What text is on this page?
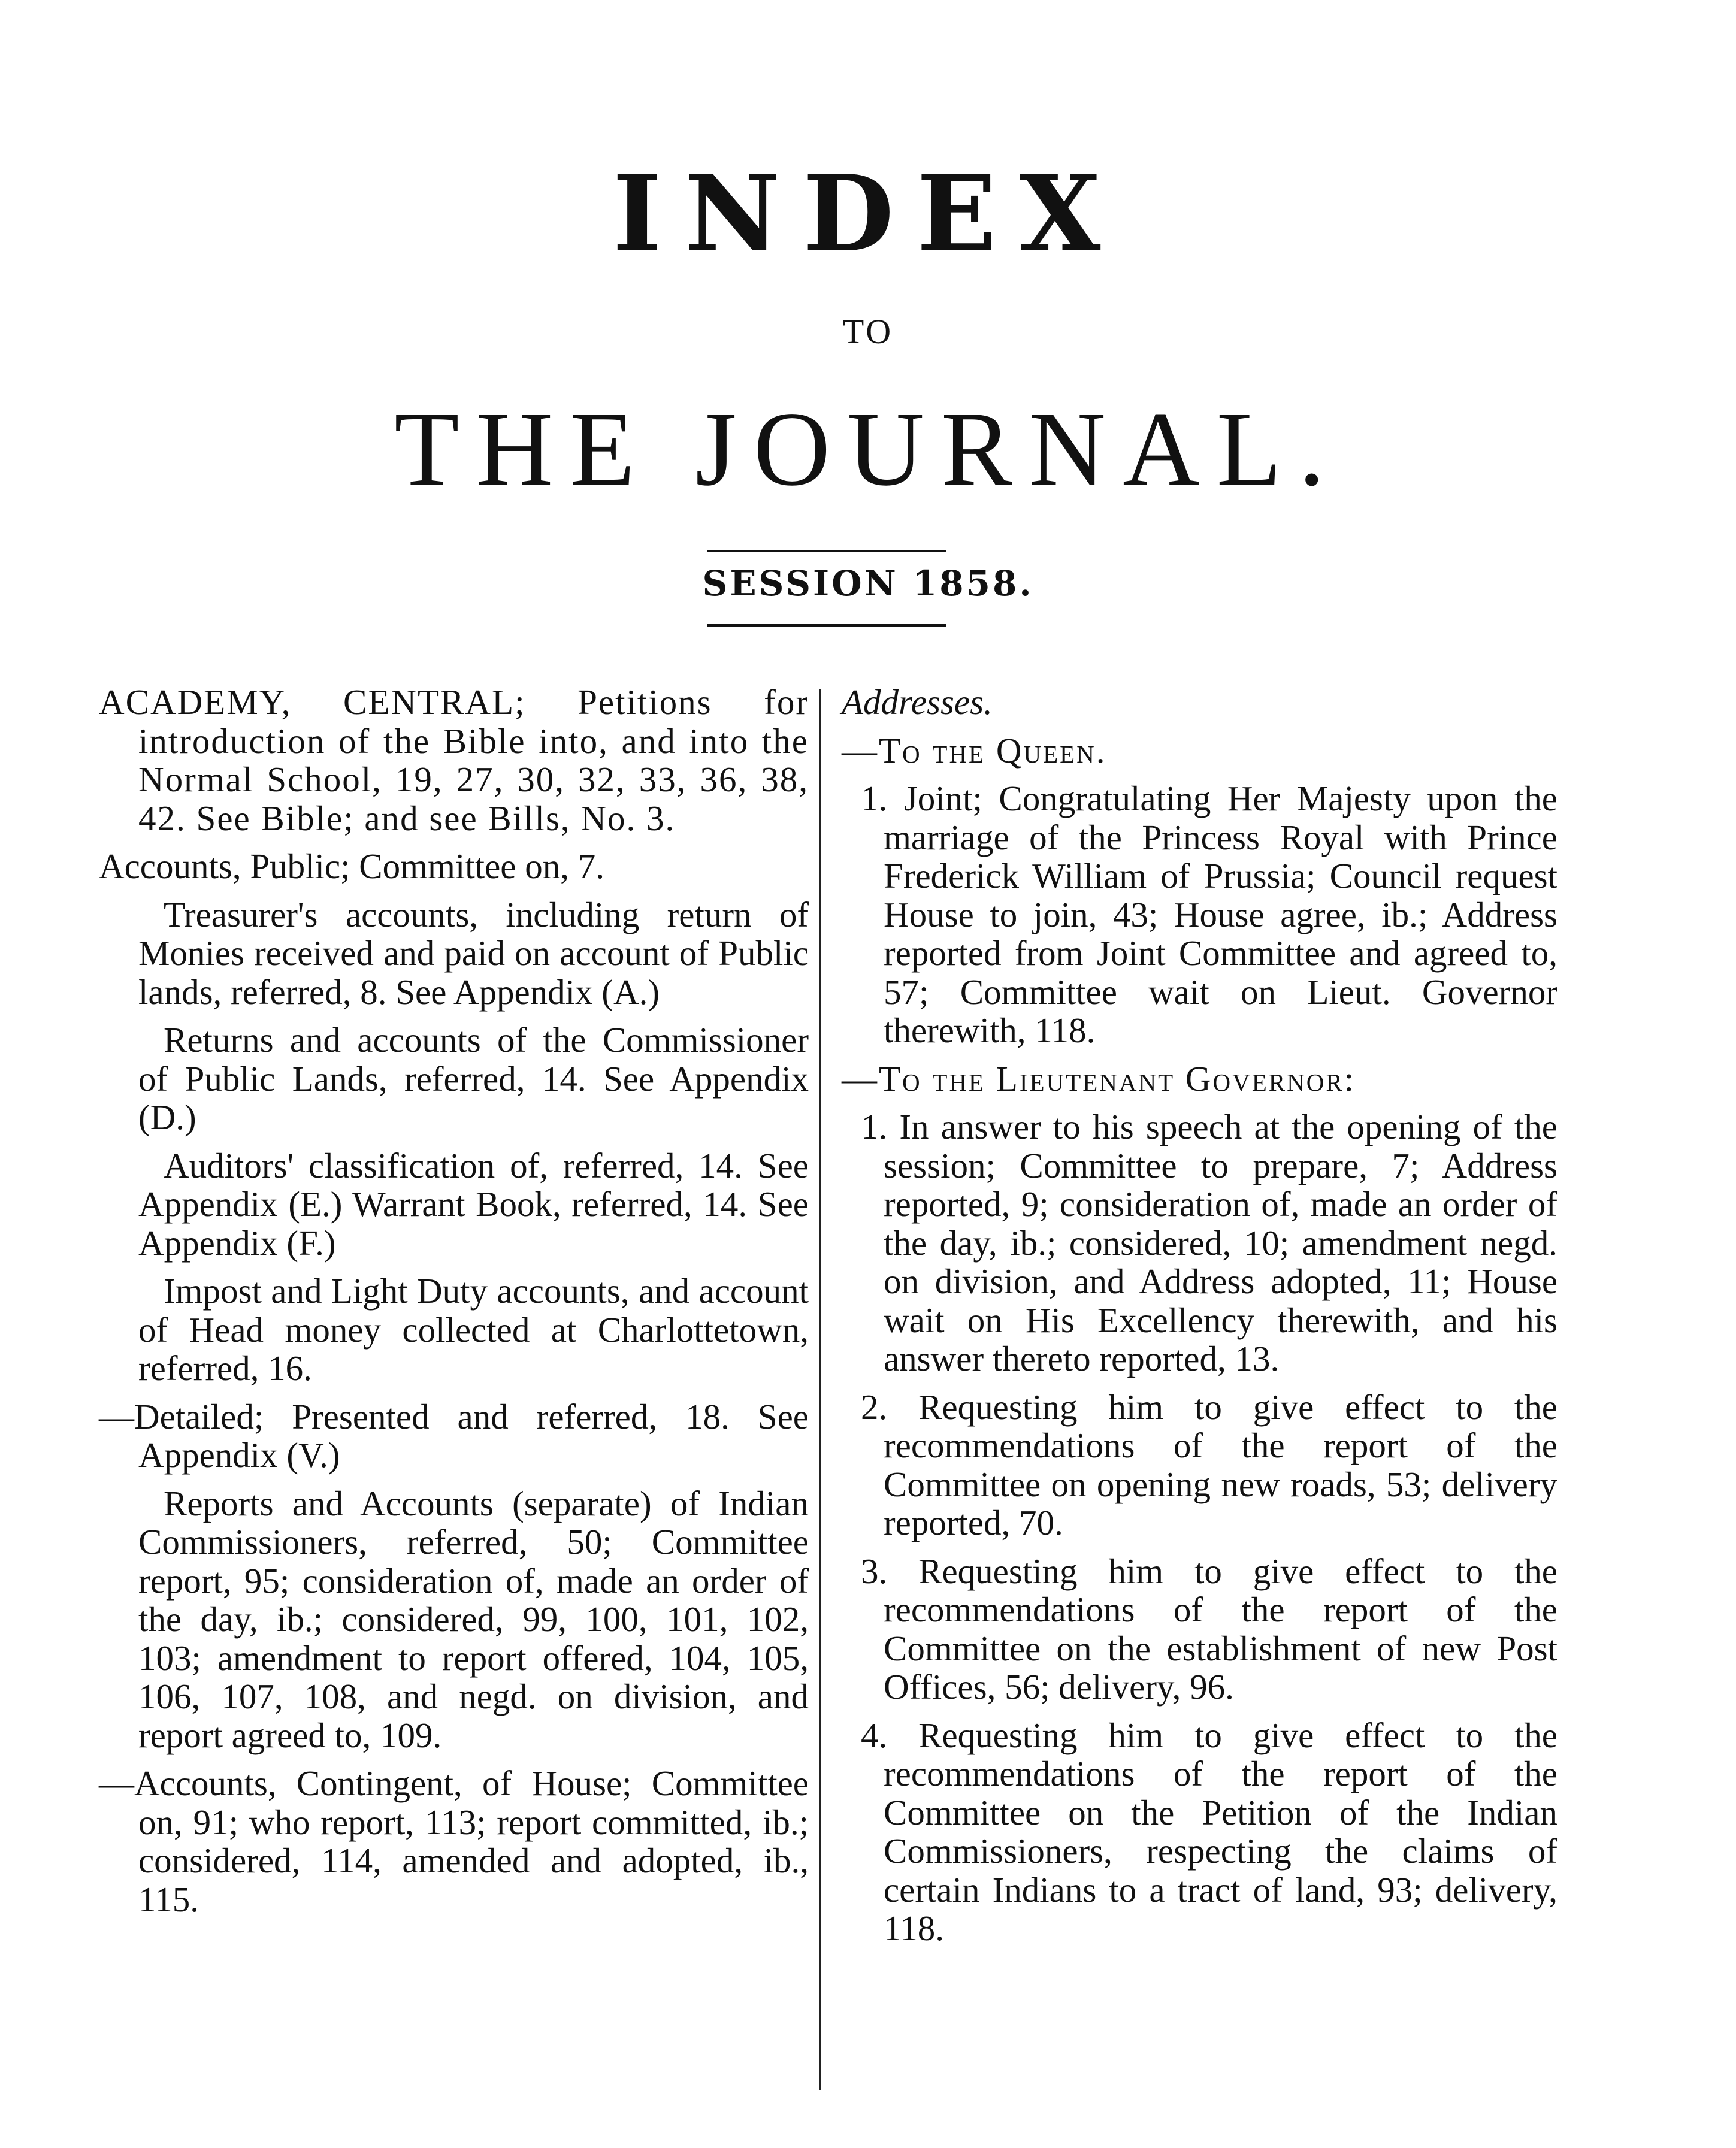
INDEX
TO
THE JOURNAL.
SESSION 1858.

ACADEMY, CENTRAL; Petitions for introduction of the Bible into, and into the Normal School, 19, 27, 30, 32, 33, 36, 38, 42. See Bible; and see Bills, No. 3.

Accounts, Public; Committee on, 7.

Treasurer's accounts, including return of Monies received and paid on account of Public lands, referred, 8. See Appendix (A.)

Returns and accounts of the Commissioner of Public Lands, referred, 14. See Appendix (D.)

Auditors' classification of, referred, 14. See Appendix (E.) Warrant Book, referred, 14. See Appendix (F.)

Impost and Light Duty accounts, and account of Head money collected at Charlottetown, referred, 16.

—Detailed; Presented and referred, 18. See Appendix (V.)

Reports and Accounts (separate) of Indian Commissioners, referred, 50; Committee report, 95; consideration of, made an order of the day, ib.; considered, 99, 100, 101, 102, 103; amendment to report offered, 104, 105, 106, 107, 108, and negd. on division, and report agreed to, 109.

—Accounts, Contingent, of House; Committee on, 91; who report, 113; report committed, ib.; considered, 114, amended and adopted, ib., 115.

Addresses.

—To the Queen.

1. Joint; Congratulating Her Majesty upon the marriage of the Princess Royal with Prince Frederick William of Prussia; Council request House to join, 43; House agree, ib.; Address reported from Joint Committee and agreed to, 57; Committee wait on Lieut. Governor therewith, 118.

—To the Lieutenant Governor:

1. In answer to his speech at the opening of the session; Committee to prepare, 7; Address reported, 9; consideration of, made an order of the day, ib.; considered, 10; amendment negd. on division, and Address adopted, 11; House wait on His Excellency therewith, and his answer thereto reported, 13.

2. Requesting him to give effect to the recommendations of the report of the Committee on opening new roads, 53; delivery reported, 70.

3. Requesting him to give effect to the recommendations of the report of the Committee on the establishment of new Post Offices, 56; delivery, 96.

4. Requesting him to give effect to the recommendations of the report of the Committee on the Petition of the Indian Commissioners, respecting the claims of certain Indians to a tract of land, 93; delivery, 118.
